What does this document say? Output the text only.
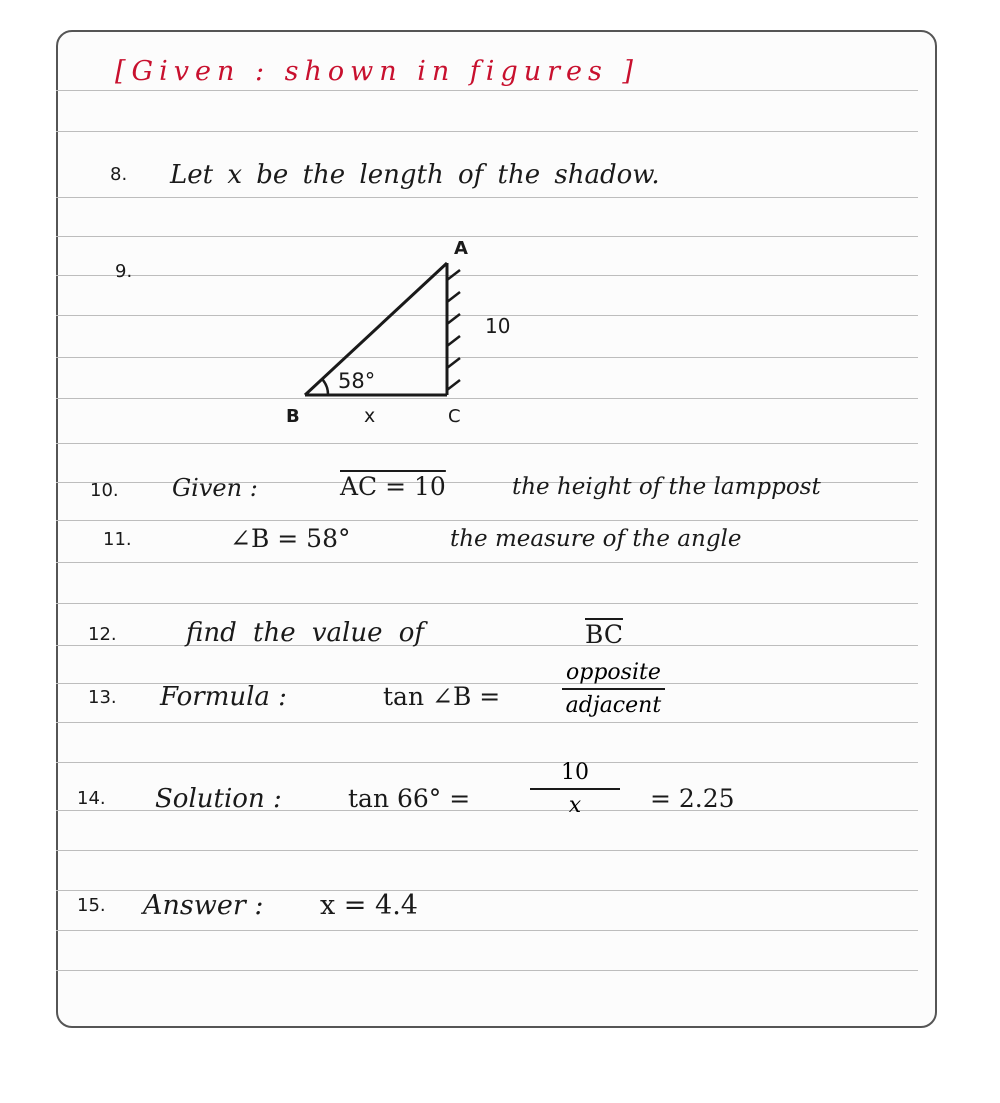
[Given : shown in figures ]
8. Let x be the length of the shadow.
9.
58°
10
A
B	C
x
10. Given :	AC = 10	the height of the lamppost
11.	∠B = 58°	the measure of the angle
12.	find the value of	$\overline{BC}$
13. Formula :	tan ∠B =
opposite
adjacent
14. Solution :	tan 66° =
10
x	= 2.25
15. Answer : x = 4.4
